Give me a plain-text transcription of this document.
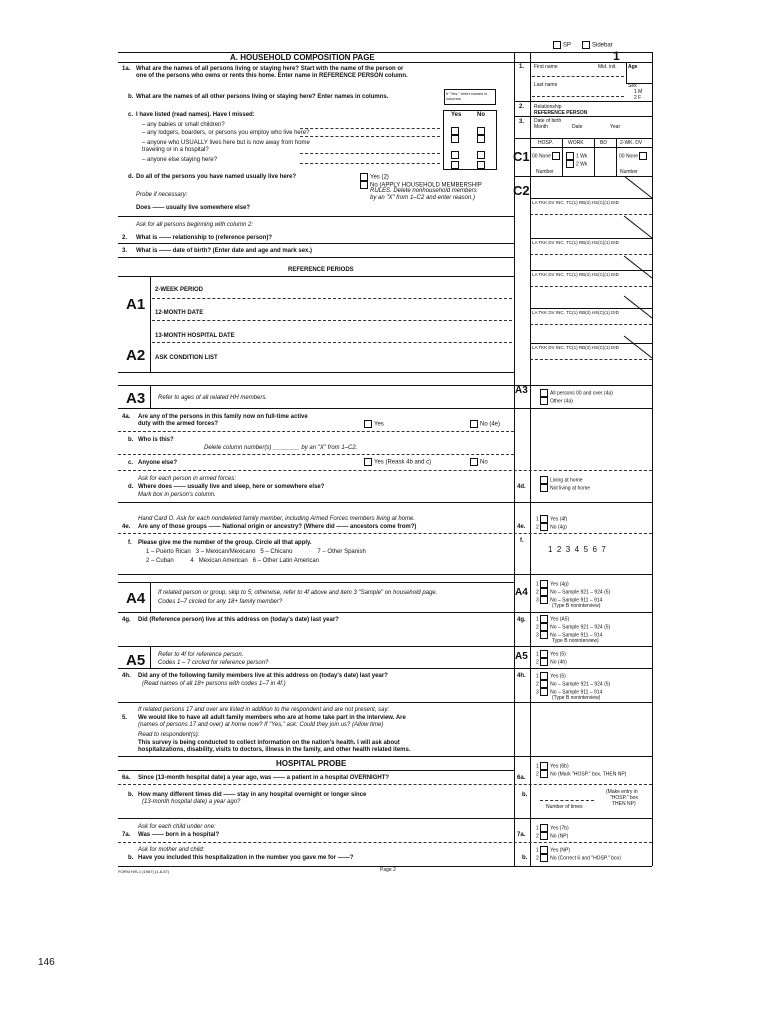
SP	Sidebar
1
A. HOUSEHOLD COMPOSITION PAGE
1a. What are the names of all persons living or staying here? Start with the name of the person or
one of the persons who owns or rents this home. Enter name in REFERENCE PERSON column.
b. What are the names of all other persons living or staying here? Enter names in columns.
If "Yes," enter names in columns
c. I have listed (read names). Have I missed:	Yes	No
– any babies or small children?
– any lodgers, boarders, or persons you employ who live here?
– anyone who USUALLY lives here but is now away from home
traveling or in a hospital?
– anyone else staying here?
d. Do all of the persons you have named usually live here?	Yes (2)
No (APPLY HOUSEHOLD MEMBERSHIP
RULES. Delete nonhousehold members
by an "X" from 1–C2 and enter reason.)
Probe if necessary:
Does —— usually live somewhere else?
Ask for all persons beginning with column 2:
2. What is —— relationship to (reference person)?
3. What is —— date of birth? (Enter date and age and mark sex.)
REFERENCE PERIODS
A1
2-WEEK PERIOD
12-MONTH DATE
13-MONTH HOSPITAL DATE
A2 ASK CONDITION LIST
A3 Refer to ages of all related HH members.
A3	All persons 00 and over (4a)
Other (4a)
4a. Are any of the persons in this family now on full-time active
duty with the armed forces?	Yes	No (4e)
b. Who is this?
Delete column number(s) ________ by an "X" from 1–C2.
c. Anyone else?	Yes (Reask 4b and c)	No
Ask for each person in armed forces:
d. Where does —— usually live and sleep, here or somewhere else?
Mark box in person's column.
4d.
Living at home
Not living at home
Hand Card O. Ask for each nondeleted family member, including Armed Forces members living at home.
4e. Are any of those groups —— National origin or ancestry? (Where did —— ancestors come from?)	4e.
1 Yes (4f)
2 No (4g)
f. Please give me the number of the group. Circle all that apply.
1 – Puerto Rican   3 – Mexican/Mexicano   5 – Chicano               7 – Other Spanish
2 – Cuban          4   Mexican American   6 – Other Latin American
f.
1  2  3  4  5  6  7
A4 If related person or group, skip to 5; otherwise, refer to 4f above and item 3 "Sample" on household page.
Codes 1–7 circled for any 18+ family member?
A4
1 Yes (4g)
2 No – Sample 921 – 924 (5)
3 No – Sample 911 – 914
(Type B noninterview)
4g. Did (Reference person) live at this address on (today's date) last year?	4g. 1 Yes (A5)
2 No – Sample 921 – 924 (5)
3 No – Sample 911 – 914
Type B noninterview)
A5 Refer to 4f for reference person.
Codes 1 – 7 circled for reference person?
A5 1 Yes (5)
2 No (4h)
4h. Did any of the following family members live at this address on (today's date) last year?
(Read names of all 18+ persons with codes 1–7 in 4f.)
4h. 1 Yes (5)
2 No – Sample 921 – 924 (5)
3 No – Sample 911 – 914
(Type B noninterview)
If related persons 17 and over are listed in addition to the respondent and are not present, say:
5. We would like to have all adult family members who are at home take part in the interview. Are
(names of persons 17 and over) at home now? If "Yes," ask: Could they join us? (Allow time)
Read to respondent(s):
This survey is being conducted to collect information on the nation's health. I will ask about
hospitalizations, disability, visits to doctors, illness in the family, and other health related items.
HOSPITAL PROBE
6a. Since (13-month hospital date) a year ago, was —— a patient in a hospital OVERNIGHT?	6a.
1 Yes (6b)
2 No (Mark "HOSP." box, THEN NP)
b. How many different times did —— stay in any hospital overnight or longer since
(13-month hospital date) a year ago?
b.
Number of times
(Make entry in
"HOSP." box
THEN NP)
Ask for each child under one:
7a. Was —— born in a hospital?	7a.
1 Yes (7b)
2 No (NP)
Ask for mother and child:
b. Have you included this hospitalization in the number you gave me for ——?	b.
1 Yes (NP)
2 No (Correct 6 and "HOSP." box)
1. First name	Mid. init. Age
Last name	Sex
1 M
2 F
2. Relationship
REFERENCE PERSON
3. Date of birth
Month	Date	Year
HOSP.	WORK	BD	2-WK. DV
C1 00 None	1 Wk
2 Wk
00 None
Number	Number
C2
LA TKK DV INC. TC(1) RB(2) HS(C)(1) DID
LA TKK DV INC. TC(1) RB(2) HS(C)(1) DID
LA TKK DV INC. TC(1) RB(2) HS(C)(1) DID
LA TKK DV INC. TC(1) RB(2) HS(C)(1) DID
LA TKK DV INC. TC(1) RB(2) HS(C)(1) DID
FORM HIS-1 (1987) (1-8-87)	Page 2
146
